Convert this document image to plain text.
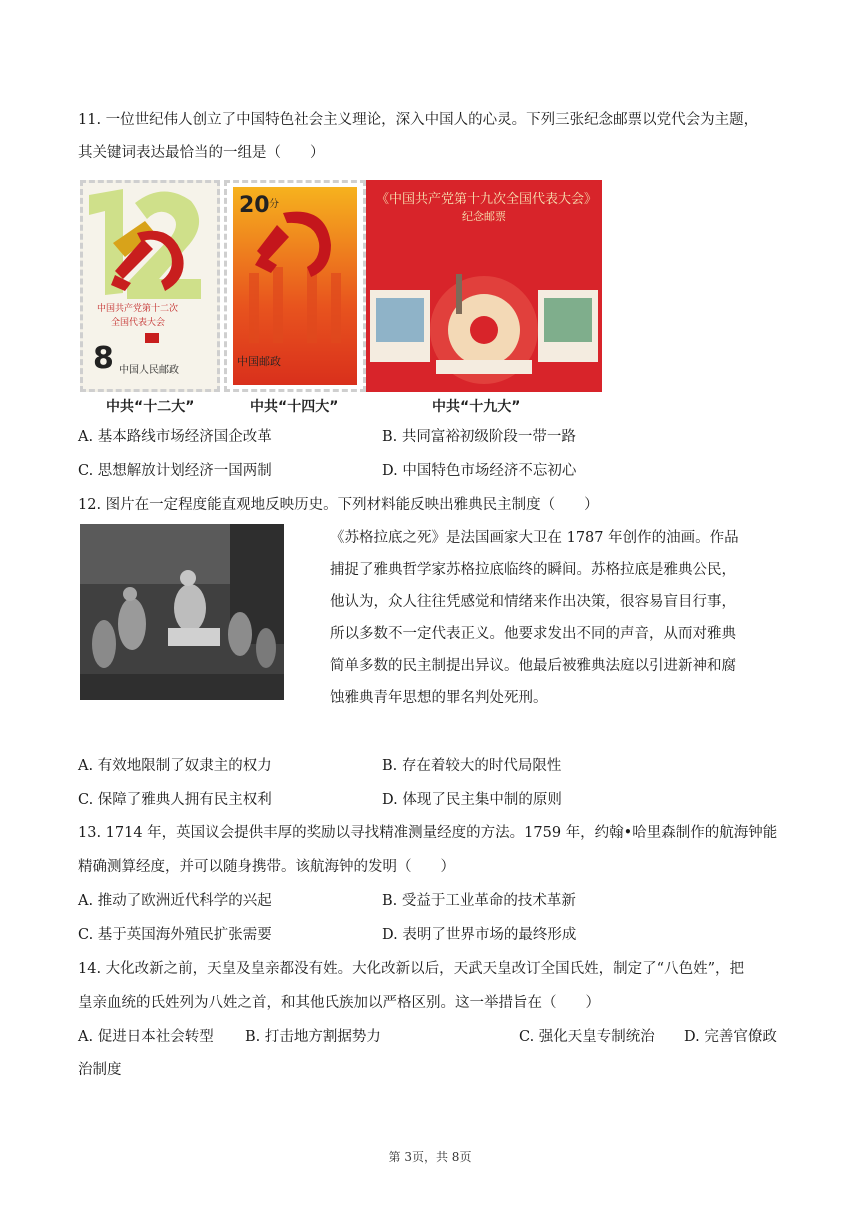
11. 一位世纪伟人创立了中国特色社会主义理论，深入中国人的心灵。下列三张纪念邮票以党代会为主题，
其关键词表达最恰当的一组是（　　）
中国共产党第十二次
全国代表大会
8 中国人民邮政
中共“十二大”
20 分
中国邮政
中共“十四大”
《中国共产党第十九次全国代表大会》
纪念邮票
中共“十九大”
A. 基本路线市场经济国企改革	B. 共同富裕初级阶段一带一路
C. 思想解放计划经济一国两制	D. 中国特色市场经济不忘初心
12. 图片在一定程度能直观地反映历史。下列材料能反映出雅典民主制度（　　）
《苏格拉底之死》是法国画家大卫在 1787 年创作的油画。作品
捕捉了雅典哲学家苏格拉底临终的瞬间。苏格拉底是雅典公民，
他认为，众人往往凭感觉和情绪来作出决策，很容易盲目行事，
所以多数不一定代表正义。他要求发出不同的声音，从而对雅典
简单多数的民主制提出异议。他最后被雅典法庭以引进新神和腐
蚀雅典青年思想的罪名判处死刑。
A. 有效地限制了奴隶主的权力	B. 存在着较大的时代局限性
C. 保障了雅典人拥有民主权利	D. 体现了民主集中制的原则
13. 1714 年，英国议会提供丰厚的奖励以寻找精准测量经度的方法。1759 年，约翰•哈里森制作的航海钟能
精确测算经度，并可以随身携带。该航海钟的发明（　　）
A. 推动了欧洲近代科学的兴起	B. 受益于工业革命的技术革新
C. 基于英国海外殖民扩张需要	D. 表明了世界市场的最终形成
14. 大化改新之前，天皇及皇亲都没有姓。大化改新以后，天武天皇改订全国氏姓，制定了“八色姓”，把
皇亲血统的氏姓列为八姓之首，和其他氏族加以严格区别。这一举措旨在（　　）
A. 促进日本社会转型 B. 打击地方割据势力	C. 强化天皇专制统治 D. 完善官僚政
治制度
第 3页，共 8页
